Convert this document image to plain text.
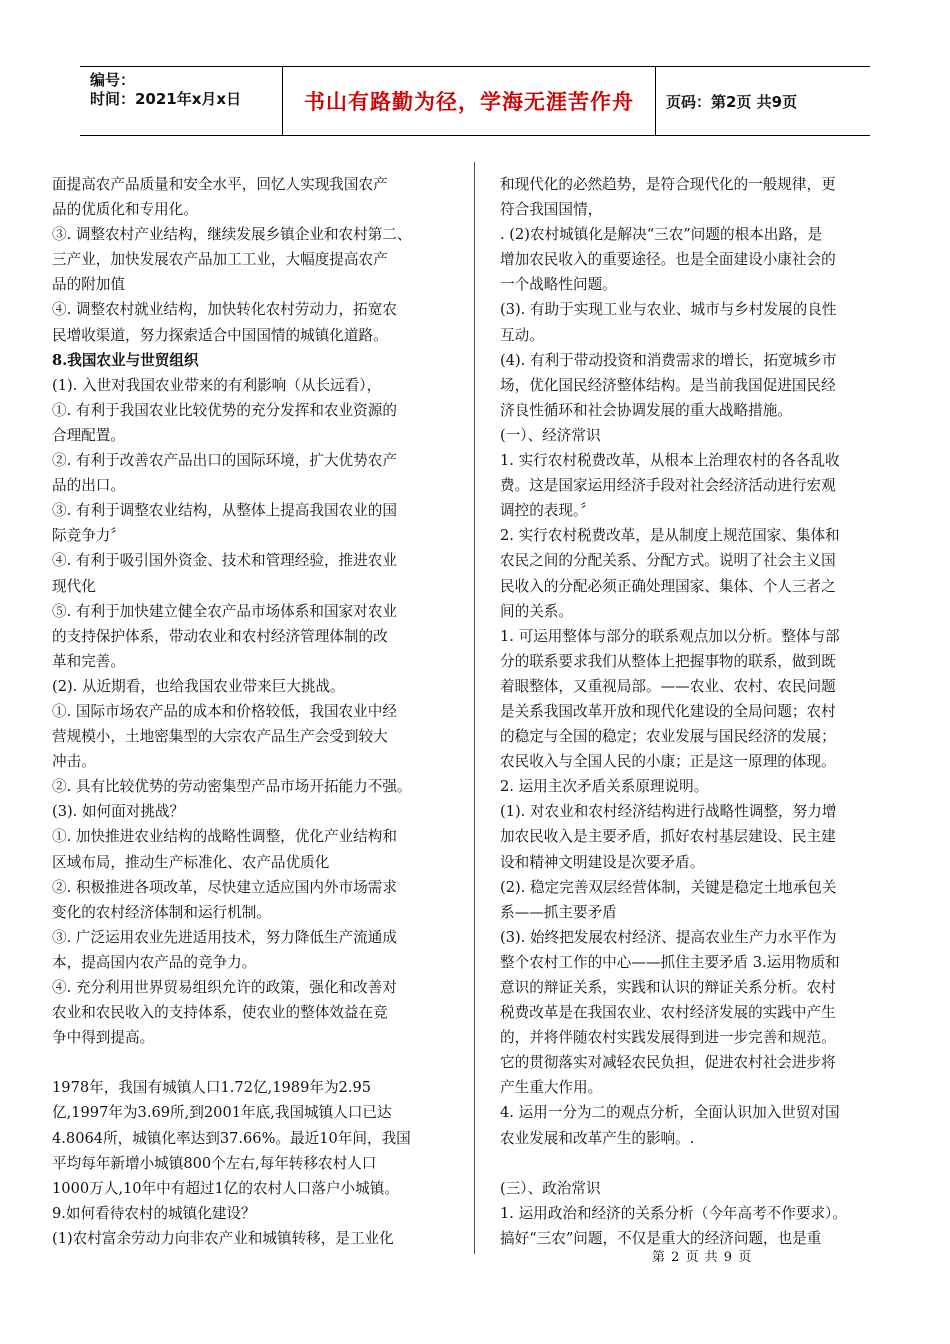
编号：
时间：2021年x月x日	书山有路勤为径，学海无涯苦作舟	页码：第2页 共9页
面提高农产品质量和安全水平，回忆人实现我国农产
品的优质化和专用化。
③. 调整农村产业结构，继续发展乡镇企业和农村第二、
三产业，加快发展农产品加工工业，大幅度提高农产
品的附加值
④. 调整农村就业结构，加快转化农村劳动力，拓宽农
民增收渠道，努力探索适合中国国情的城镇化道路。
8.我国农业与世贸组织
(1). 入世对我国农业带来的有利影响（从长远看），
①. 有利于我国农业比较优势的充分发挥和农业资源的
合理配置。
②. 有利于改善农产品出口的国际环境，扩大优势农产
品的出口。
③. 有利于调整农业结构，从整体上提高我国农业的国
际竞争力〞
④. 有利于吸引国外资金、技术和管理经验，推进农业
现代化
⑤. 有利于加快建立健全农产品市场体系和国家对农业
的支持保护体系，带动农业和农村经济管理体制的改
革和完善。
(2). 从近期看，也给我国农业带来巨大挑战。
①. 国际市场农产品的成本和价格较低，我国农业中经
营规模小，土地密集型的大宗农产品生产会受到较大
冲击。
②. 具有比较优势的劳动密集型产品市场开拓能力不强。
(3). 如何面对挑战？
①. 加快推进农业结构的战略性调整，优化产业结构和
区域布局，推动生产标准化、农产品优质化
②. 积极推进各项改革，尽快建立适应国内外市场需求
变化的农村经济体制和运行机制。
③. 广泛运用农业先进适用技术，努力降低生产流通成
本，提高国内农产品的竞争力。
④. 充分利用世界贸易组织允许的政策，强化和改善对
农业和农民收入的支持体系，使农业的整体效益在竞
争中得到提高。
1978年，我国有城镇人口1.72亿,1989年为2.95
亿,1997年为3.69所,到2001年底,我国城镇人口已达
4.8064所，城镇化率达到37.66%。最近10年间，我国
平均每年新增小城镇800个左右,每年转移农村人口
1000万人,10年中有超过1亿的农村人口落户小城镇。
9.如何看待农村的城镇化建设？
(1)农村富余劳动力向非农产业和城镇转移，是工业化
和现代化的必然趋势，是符合现代化的一般规律，更
符合我国国情，
. (2)农村城镇化是解决“三农”问题的根本出路，是
增加农民收入的重要途径。也是全面建设小康社会的
一个战略性问题。
(3). 有助于实现工业与农业、城市与乡村发展的良性
互动。
(4). 有利于带动投资和消费需求的增长，拓宽城乡市
场，优化国民经济整体结构。是当前我国促进国民经
济良性循环和社会协调发展的重大战略措施。
(一）、经济常识
1. 实行农村税费改革，从根本上治理农村的各各乱收
费。这是国家运用经济手段对社会经济活动进行宏观
调控的表现。〞
2. 实行农村税费改革，是从制度上规范国家、集体和
农民之间的分配关系、分配方式。说明了社会主义国
民收入的分配必须正确处理国家、集体、个人三者之
间的关系。
1. 可运用整体与部分的联系观点加以分析。整体与部
分的联系要求我们从整体上把握事物的联系，做到既
着眼整体，又重视局部。——农业、农村、农民问题
是关系我国改革开放和现代化建设的全局问题；农村
的稳定与全国的稳定；农业发展与国民经济的发展；
农民收入与全国人民的小康；正是这一原理的体现。
2. 运用主次矛盾关系原理说明。
(1). 对农业和农村经济结构进行战略性调整，努力增
加农民收入是主要矛盾，抓好农村基层建设、民主建
设和精神文明建设是次要矛盾。
(2). 稳定完善双层经营体制，关键是稳定土地承包关
系——抓主要矛盾
(3). 始终把发展农村经济、提高农业生产力水平作为
整个农村工作的中心——抓住主要矛盾 3.运用物质和
意识的辩证关系，实践和认识的辩证关系分析。农村
税费改革是在我国农业、农村经济发展的实践中产生
的，并将伴随农村实践发展得到进一步完善和规范。
它的贯彻落实对减轻农民负担，促进农村社会进步将
产生重大作用。
4. 运用一分为二的观点分析，全面认识加入世贸对国
农业发展和改革产生的影响。.
(三）、政治常识
1. 运用政治和经济的关系分析（今年高考不作要求）。
搞好“三农”问题，不仅是重大的经济问题，也是重
第 2 页 共 9 页
